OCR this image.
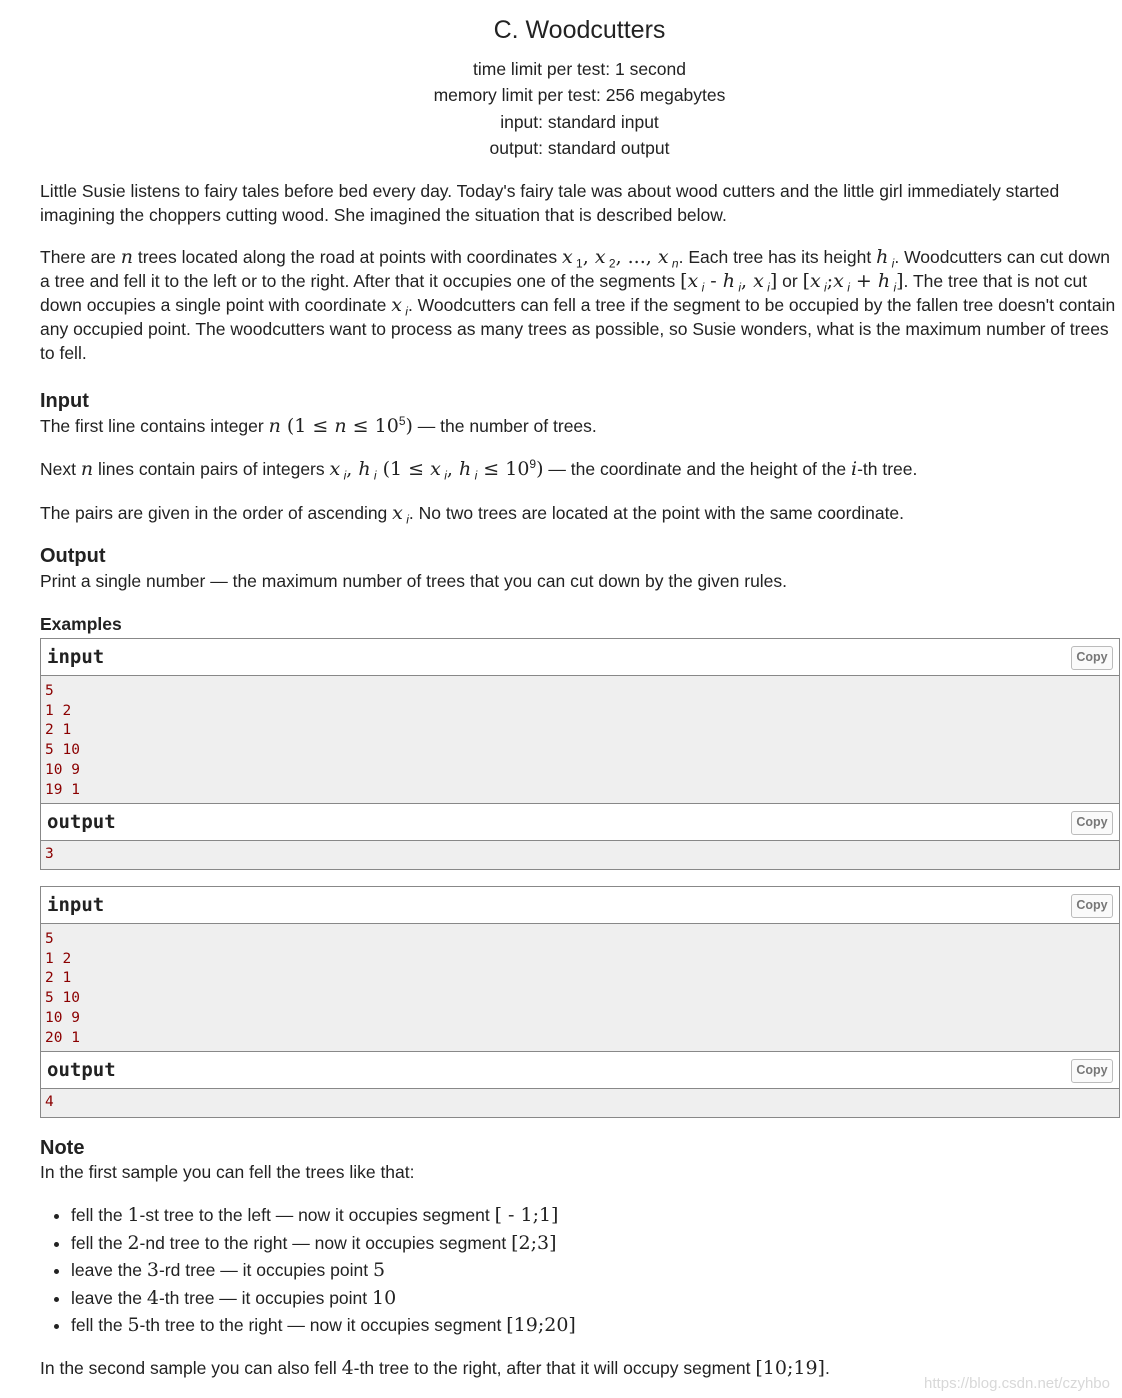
C. Woodcutters
time limit per test: 1 second
memory limit per test: 256 megabytes
input: standard input
output: standard output
Little Susie listens to fairy tales before bed every day. Today's fairy tale was about wood cutters and the little girl immediately started imagining the choppers cutting wood. She imagined the situation that is described below.
There are n trees located along the road at points with coordinates x $_1$, x $_2$, ..., x $_n$. Each tree has its height h $_i$. Woodcutters can cut down a tree and fell it to the left or to the right. After that it occupies one of the segments [x $_i$ - h $_i$, x $_i$] or [x $_i$;x $_i$ + h $_i$]. The tree that is not cut down occupies a single point with coordinate x $_i$. Woodcutters can fell a tree if the segment to be occupied by the fallen tree doesn't contain any occupied point. The woodcutters want to process as many trees as possible, so Susie wonders, what is the maximum number of trees to fell.
Input
The first line contains integer n $(1 \le n \le 10^5)$ — the number of trees.
Next n lines contain pairs of integers x $_i$, h $_i$ (1 ≤ x $_i$, h $_i \le 10^9$) — the coordinate and the height of the i-th tree.
The pairs are given in the order of ascending x $_i$. No two trees are located at the point with the same coordinate.
Output
Print a single number — the maximum number of trees that you can cut down by the given rules.
Examples
input	Copy
5
1 2
2 1
5 10
10 9
19 1
output	Copy
3
input	Copy
5
1 2
2 1
5 10
10 9
20 1
output	Copy
4
Note
In the first sample you can fell the trees like that:
• fell the 1-st tree to the left — now it occupies segment [ - 1;1]
• fell the 2-nd tree to the right — now it occupies segment [2;3]
• leave the 3-rd tree — it occupies point 5
• leave the 4-th tree — it occupies point 10
• fell the 5-th tree to the right — now it occupies segment [19;20]
In the second sample you can also fell 4-th tree to the right, after that it will occupy segment [10;19].
https://blog.csdn.net/czyhbo
